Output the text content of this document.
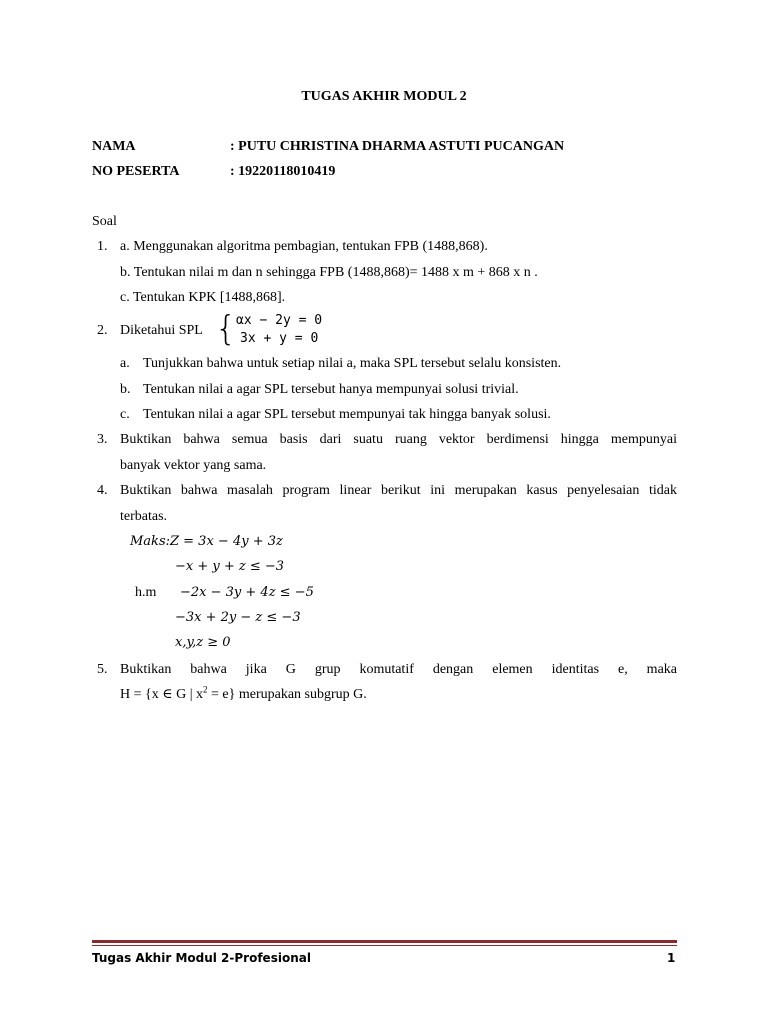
TUGAS AKHIR MODUL 2
NAMA	: PUTU CHRISTINA DHARMA ASTUTI PUCANGAN
NO PESERTA	: 19220118010419
Soal
1. a. Menggunakan algoritma pembagian, tentukan FPB (1488,868).
b. Tentukan nilai m dan n sehingga FPB (1488,868)= 1488 x m + 868 x n .
c. Tentukan KPK [1488,868].
2. Diketahui SPL { αx − 2y = 0
3x + y = 0
a. Tunjukkan bahwa untuk setiap nilai a, maka SPL tersebut selalu konsisten.
b. Tentukan nilai a agar SPL tersebut hanya mempunyai solusi trivial.
c. Tentukan nilai a agar SPL tersebut mempunyai tak hingga banyak solusi.
3. Buktikan bahwa semua basis dari suatu ruang vektor berdimensi hingga mempunyai
banyak vektor yang sama.
4. Buktikan bahwa masalah program linear berikut ini merupakan kasus penyelesaian tidak
terbatas.
Maks:Z = 3x − 4y + 3z
−x + y + z ≤ −3
h.m −2x − 3y + 4z ≤ −5
−3x + 2y − z ≤ −3
x,y,z ≥ 0
5. Buktikan bahwa jika G grup komutatif dengan elemen identitas e, maka
H = {x ∈ G | $x^2 = e$} merupakan subgrup G.
Tugas Akhir Modul 2-Profesional	1
